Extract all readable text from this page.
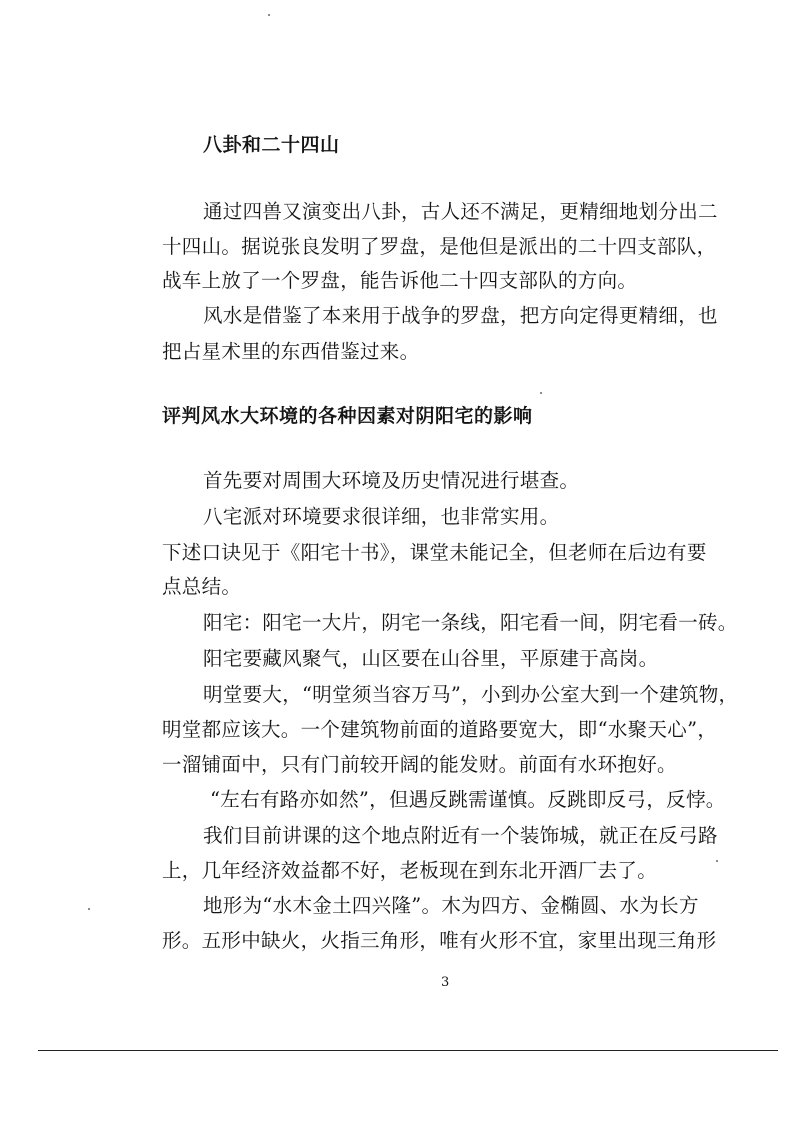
八卦和二十四山
通过四兽又演变出八卦，古人还不满足，更精细地划分出二
十四山。据说张良发明了罗盘，是他但是派出的二十四支部队，
战车上放了一个罗盘，能告诉他二十四支部队的方向。
风水是借鉴了本来用于战争的罗盘，把方向定得更精细，也
把占星术里的东西借鉴过来。
评判风水大环境的各种因素对阴阳宅的影响
首先要对周围大环境及历史情况进行堪查。
八宅派对环境要求很详细，也非常实用。
下述口诀见于《阳宅十书》，课堂未能记全，但老师在后边有要
点总结。
阳宅：阳宅一大片，阴宅一条线，阳宅看一间，阴宅看一砖。
阳宅要藏风聚气，山区要在山谷里，平原建于高岗。
明堂要大，“明堂须当容万马”，小到办公室大到一个建筑物，
明堂都应该大。一个建筑物前面的道路要宽大，即“水聚天心”，
一溜铺面中，只有门前较开阔的能发财。前面有水环抱好。
“左右有路亦如然”，但遇反跳需谨慎。反跳即反弓，反悖。
我们目前讲课的这个地点附近有一个装饰城，就正在反弓路
上，几年经济效益都不好，老板现在到东北开酒厂去了。
地形为“水木金土四兴隆”。木为四方、金椭圆、水为长方
形。五形中缺火，火指三角形，唯有火形不宜，家里出现三角形
3
